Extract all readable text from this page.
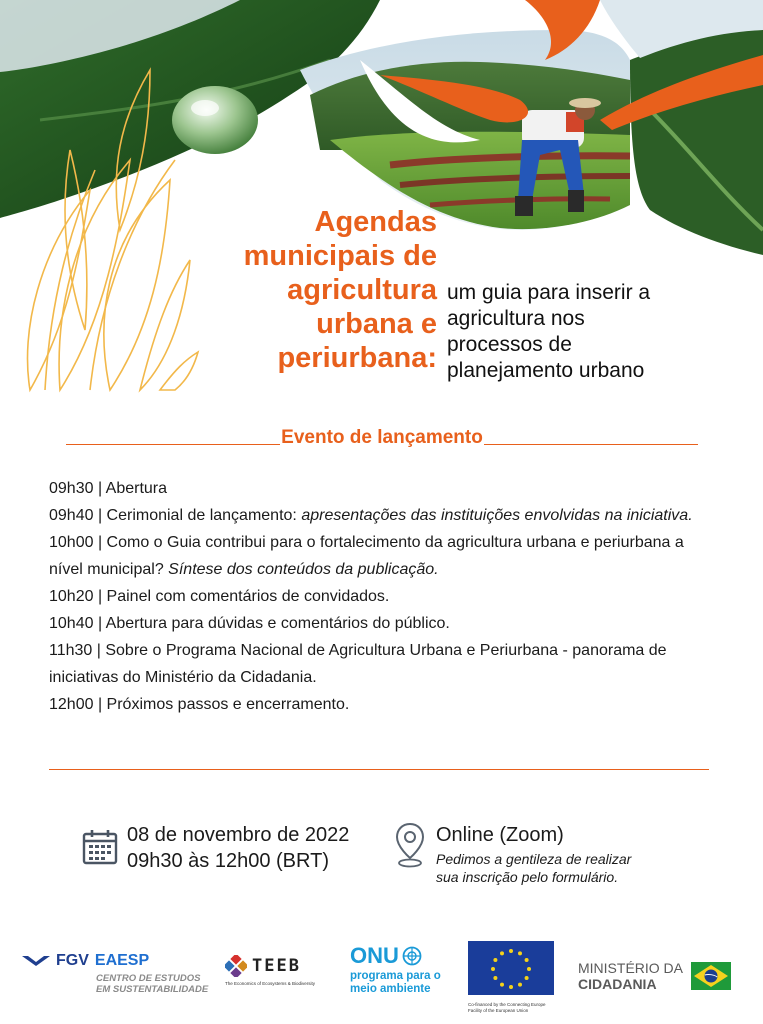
Agendas
municipais de
agricultura
urbana e
periurbana:
um guia para inserir a
agricultura nos
processos de
planejamento urbano
Evento de lançamento

09h30 | Abertura

09h40 | Cerimonial de lançamento: apresentações das instituições envolvidas na iniciativa.

10h00 | Como o Guia contribui para o fortalecimento da agricultura urbana e periurbana a nível municipal? Síntese dos conteúdos da publicação.

10h20 | Painel com comentários de convidados.

10h40 | Abertura para dúvidas e comentários do público.

11h30 | Sobre o Programa Nacional de Agricultura Urbana e Periurbana - panorama de iniciativas do Ministério da Cidadania.

12h00 | Próximos passos e encerramento.

08 de novembro de 2022
09h30 às 12h00 (BRT)
Online (Zoom)
Pedimos a gentileza de realizar
sua inscrição pelo formulário.
FGV EAESP
CENTRO DE ESTUDOS
EM SUSTENTABILIDADE
TEEB
The Economics of Ecosystems & Biodiversity
ONU
programa para o
meio ambiente
Co-financed by the Connecting Europe
Facility of the European Union
MINISTÉRIO DA
CIDADANIA
